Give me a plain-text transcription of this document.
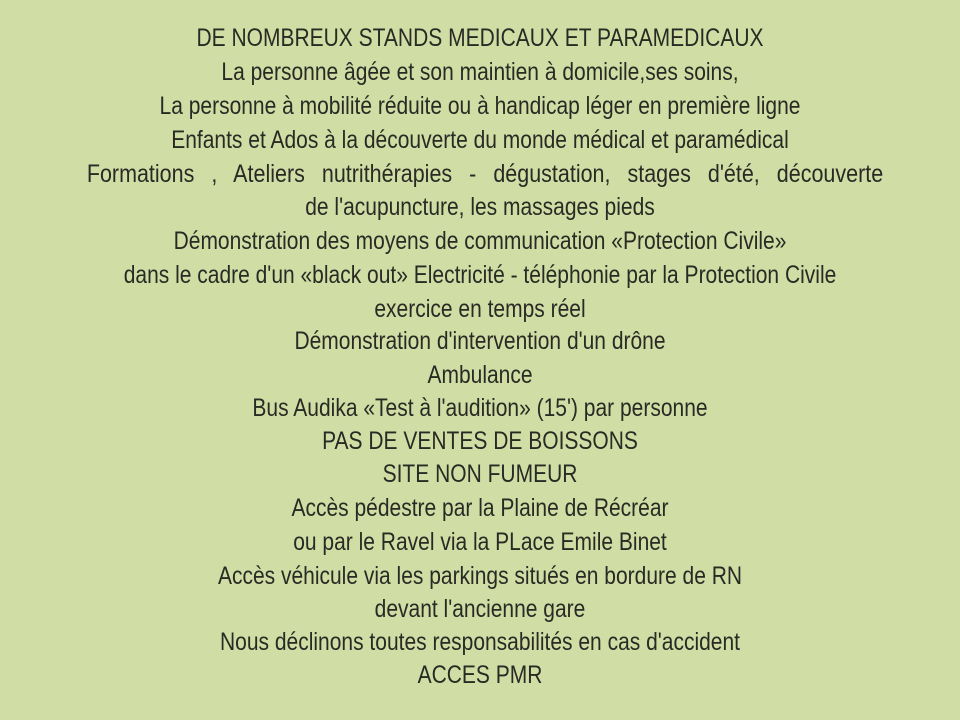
DE NOMBREUX STANDS MEDICAUX ET PARAMEDICAUX
La personne âgée et son maintien à domicile,ses soins,
La personne à mobilité réduite ou à handicap léger en première ligne
Enfants et Ados à la découverte du monde médical et paramédical
Formations , Ateliers nutrithérapies - dégustation, stages d'été, découverte
de l'acupuncture, les massages pieds
Démonstration des moyens de communication «Protection Civile»
dans le cadre d'un «black out» Electricité - téléphonie par la Protection Civile
exercice en temps réel
Démonstration d'intervention d'un drône
Ambulance
Bus Audika «Test à l'audition» (15') par personne
PAS DE VENTES DE BOISSONS
SITE NON FUMEUR
Accès pédestre par la Plaine de Récréar
ou par le Ravel via la PLace Emile Binet
Accès véhicule via les parkings situés en bordure de RN
devant l'ancienne gare
Nous déclinons toutes responsabilités en cas d'accident
ACCES PMR
